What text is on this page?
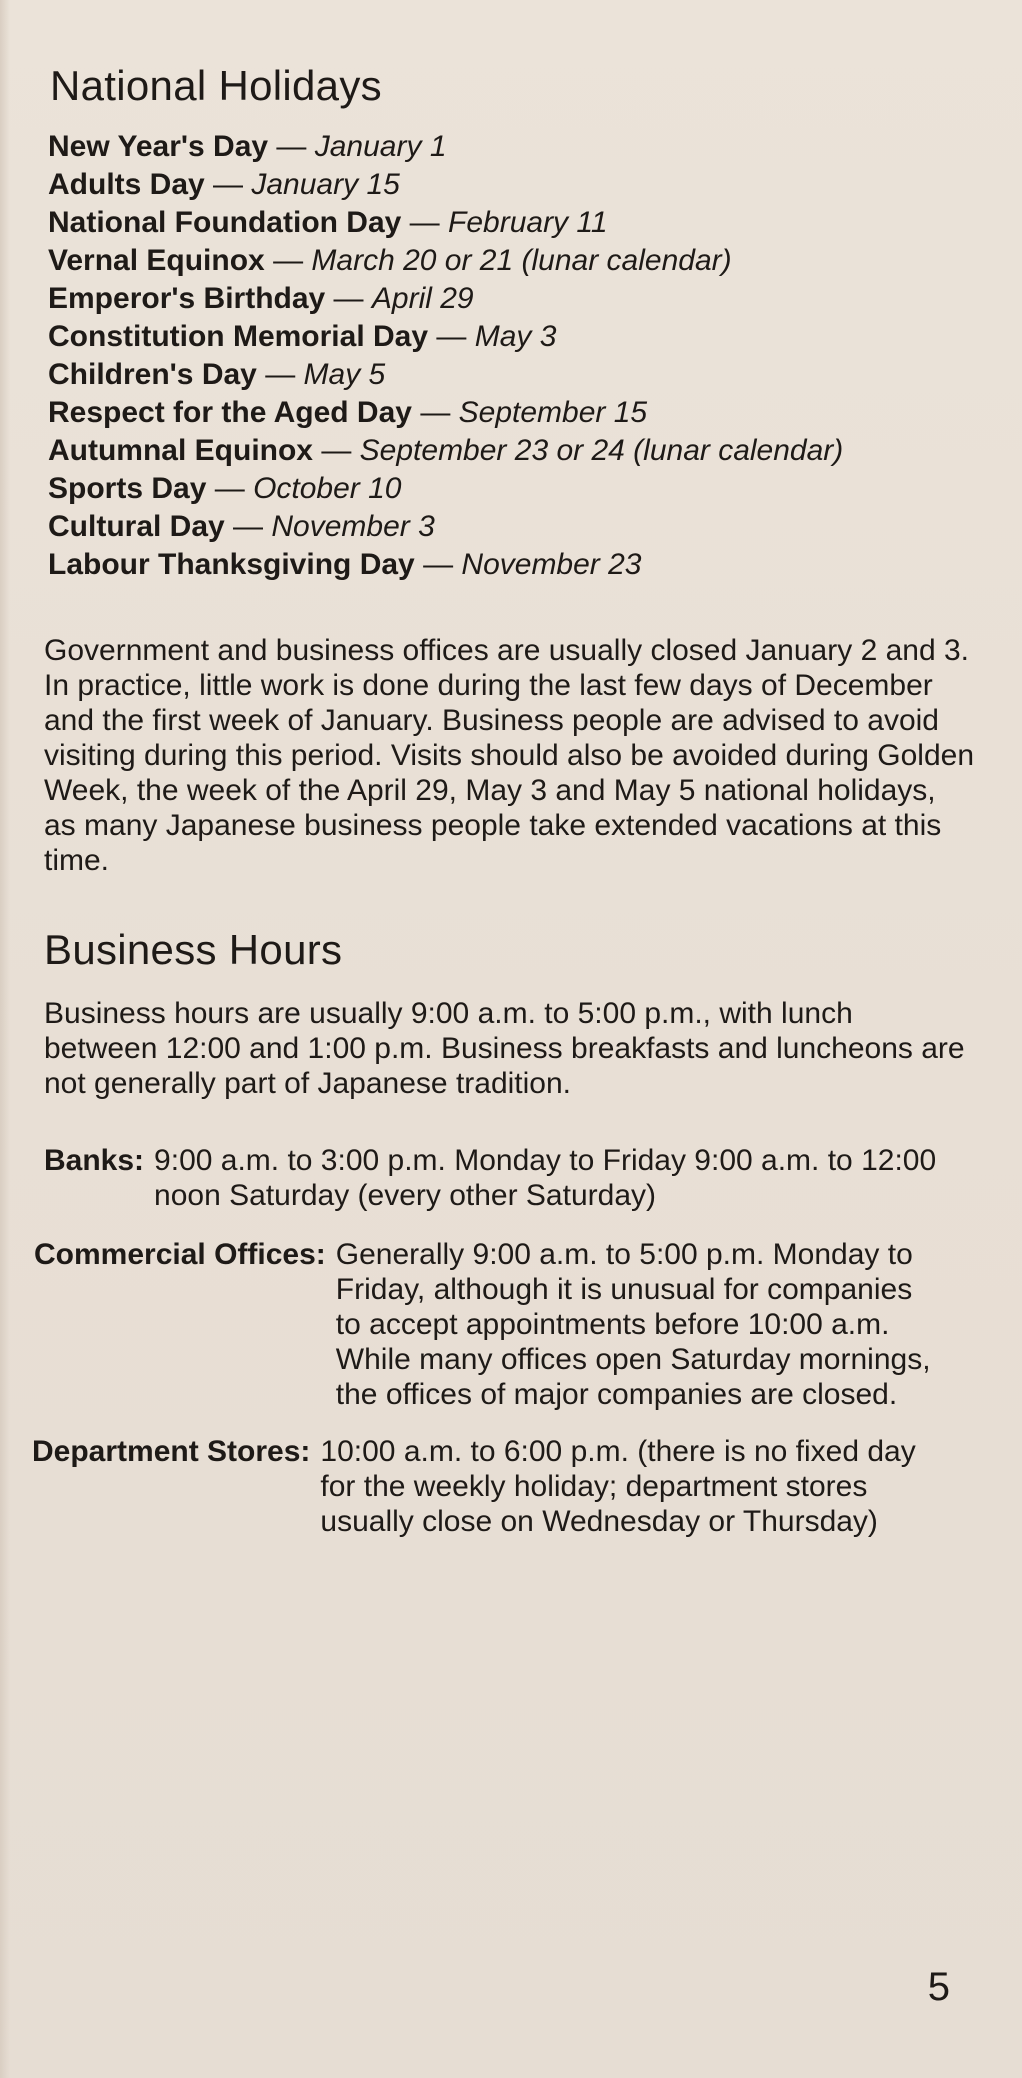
National Holidays
New Year's Day — January 1
Adults Day — January 15
National Foundation Day — February 11
Vernal Equinox — March 20 or 21 (lunar calendar)
Emperor's Birthday — April 29
Constitution Memorial Day — May 3
Children's Day — May 5
Respect for the Aged Day — September 15
Autumnal Equinox — September 23 or 24 (lunar calendar)
Sports Day — October 10
Cultural Day — November 3
Labour Thanksgiving Day — November 23

Government and business offices are usually closed January 2 and 3. In practice, little work is done during the last few days of December and the first week of January. Business people are advised to avoid visiting during this period. Visits should also be avoided during Golden Week, the week of the April 29, May 3 and May 5 national holidays, as many Japanese business people take extended vacations at this time.

Business Hours

Business hours are usually 9:00 a.m. to 5:00 p.m., with lunch between 12:00 and 1:00 p.m. Business breakfasts and luncheons are not generally part of Japanese tradition.

Banks: 9:00 a.m. to 3:00 p.m. Monday to Friday 9:00 a.m. to 12:00 noon Saturday (every other Saturday)
Commercial Offices: Generally 9:00 a.m. to 5:00 p.m. Monday to Friday, although it is unusual for companies to accept appointments before 10:00 a.m. While many offices open Saturday mornings, the offices of major companies are closed.
Department Stores: 10:00 a.m. to 6:00 p.m. (there is no fixed day for the weekly holiday; department stores usually close on Wednesday or Thursday)
5
